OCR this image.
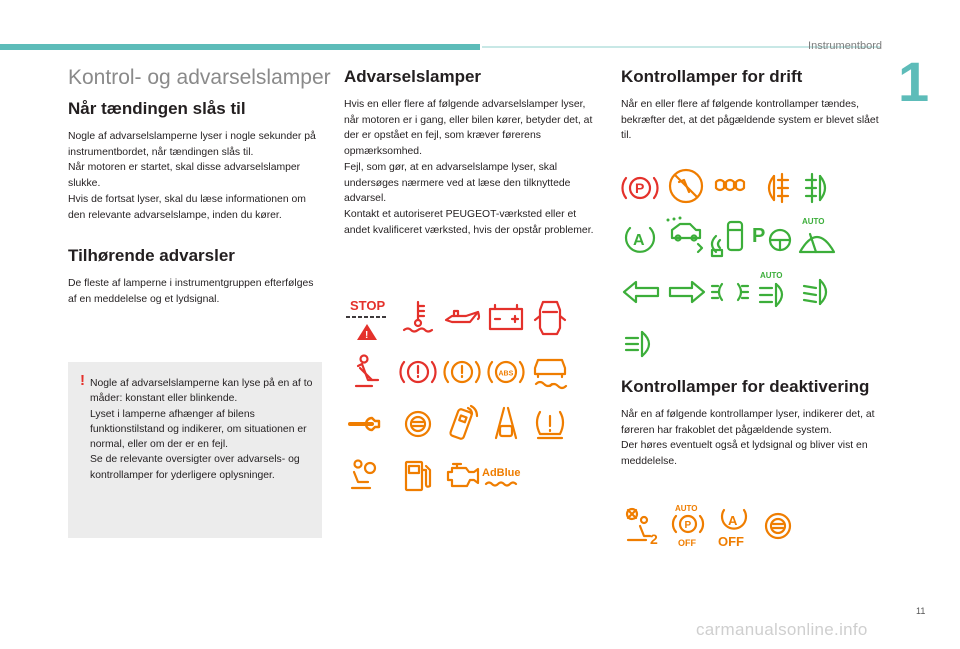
Instrumentbord
1
Kontrol- og advarselslamper
Når tændingen slås til

Nogle af advarselslamperne lyser i nogle sekunder på instrumentbordet, når tændingen slås til.
Når motoren er startet, skal disse advarselslamper slukke.
Hvis de fortsat lyser, skal du læse informationen om den relevante advarselslampe, inden du kører.

Tilhørende advarsler

De fleste af lamperne i instrumentgruppen efterfølges af en meddelelse og et lydsignal.

! Nogle af advarselslamperne kan lyse på en af to måder: konstant eller blinkende.
Lyset i lamperne afhænger af bilens funktionstilstand og indikerer, om situationen er normal, eller om der er en fejl.
Se de relevante oversigter over advarsels- og kontrollamper for yderligere oplysninger.

Advarselslamper

Hvis en eller flere af følgende advarselslamper lyser, når motoren er i gang, eller bilen kører, betyder det, at der er opstået en fejl, som kræver førerens opmærksomhed.
Fejl, som gør, at en advarselslampe lyser, skal undersøges nærmere ved at læse den tilknyttede advarsel.
Kontakt et autoriseret PEUGEOT-værksted eller et andet kvalificeret værksted, hvis der opstår problemer.

STOP
!
ABS
AdBlue
Kontrollamper for drift

Når en eller flere af følgende kontrollamper tændes, bekræfter det, at det pågældende system er blevet slået til.

P
A	P
AUTO
AUTO
Kontrollamper for deaktivering

Når en af følgende kontrollamper lyser, indikerer det, at føreren har frakoblet det pågældende system.
Der høres eventuelt også et lydsignal og bliver vist en meddelelse.

2
AUTO
P
OFF
A
OFF
11
carmanualsonline.info
